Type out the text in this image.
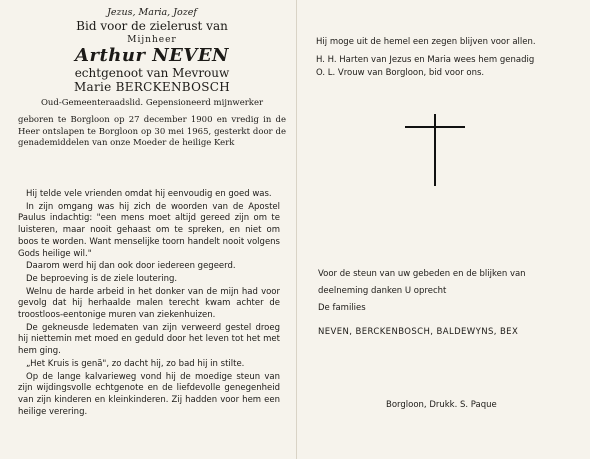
Jezus, Maria, Jozef
Bid voor de zielerust van
Mijnheer
Arthur NEVEN
echtgenoot van Mevrouw
Marie BERCKENBOSCH
Oud-Gemeenteraadslid. Gepensioneerd mijnwerker
geboren te Borgloon op 27 december 1900 en vredig in de Heer ontslapen te Borgloon op 30 mei 1965, gesterkt door de genademiddelen van onze Moeder de heilige Kerk

Hij telde vele vrienden omdat hij eenvoudig en goed was.

In zijn omgang was hij zich de woorden van de Apostel Paulus indachtig: "een mens moet altijd gereed zijn om te luisteren, maar nooit gehaast om te spreken, en niet om boos te worden. Want menselijke toorn handelt nooit volgens Gods heilige wil."

Daarom werd hij dan ook door iedereen gegeerd.

De beproeving is de ziele loutering.

Welnu de harde arbeid in het donker van de mijn had voor gevolg dat hij herhaalde malen terecht kwam achter de troostloos-eentonige muren van ziekenhuizen.

De gekneusde ledematen van zijn verweerd gestel droeg hij niettemin met moed en geduld door het leven tot het met hem ging.

„Het Kruis is genã", zo dacht hij, zo bad hij in stilte.

Op de lange kalvarieweg vond hij de moedige steun van zijn wijdingsvolle echtgenote en de liefdevolle genegenheid van zijn kinderen en kleinkinderen. Zij hadden voor hem een heilige verering.

Hij moge uit de hemel een zegen blijven voor allen.
H. H. Harten van Jezus en Maria wees hem genadig
O. L. Vrouw van Borgloon, bid voor ons.
Voor de steun van uw gebeden en de blijken van
deelneming danken U oprecht
De families
NEVEN, BERCKENBOSCH, BALDEWYNS, BEX
Borgloon, Drukk. S. Paque
